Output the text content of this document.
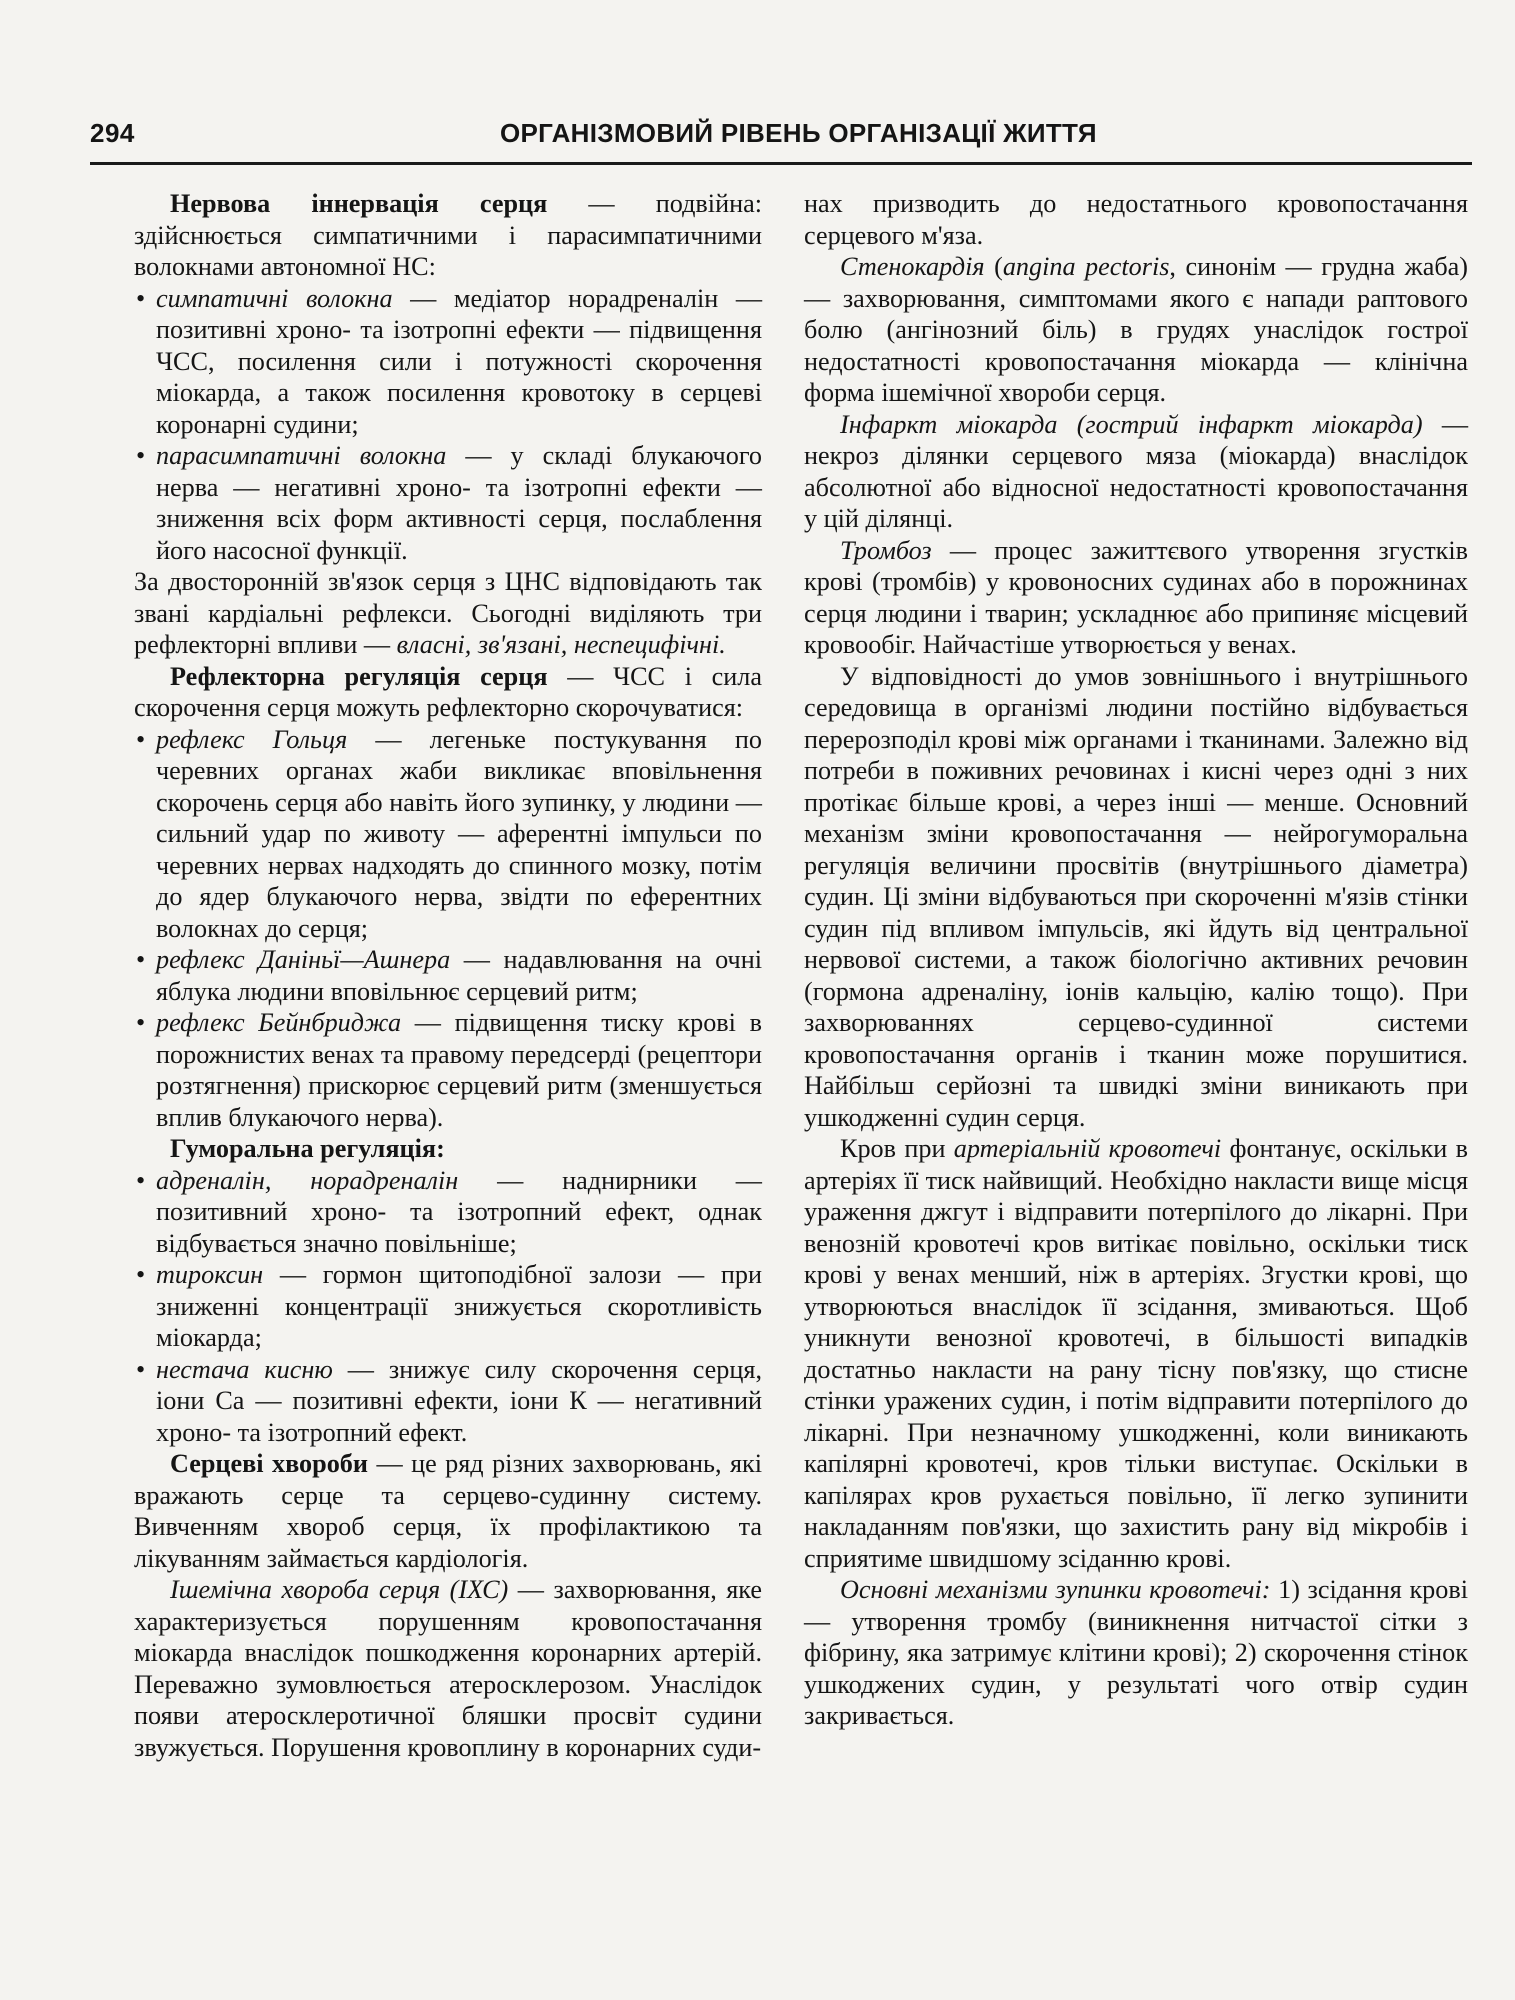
294	ОРГАНІЗМОВИЙ РІВЕНЬ ОРГАНІЗАЦІЇ ЖИТТЯ

Нервова іннервація серця — подвійна: здійснюється симпатичними і парасимпатичними волокнами автономної НС:

• симпатичні волокна — медіатор норадреналін — позитивні хроно- та ізотропні ефекти — підвищення ЧСС, посилення сили і потужності скорочення міокарда, а також посилення кровотоку в серцеві коронарні судини;
• парасимпатичні волокна — у складі блукаючого нерва — негативні хроно- та ізотропні ефекти — зниження всіх форм активності серця, послаблення його насосної функції.

За двосторонній зв'язок серця з ЦНС відповідають так звані кардіальні рефлекси. Сьогодні виділяють три рефлекторні впливи — власні, зв'язані, неспецифічні.

Рефлекторна регуляція серця — ЧСС і сила скорочення серця можуть рефлекторно скорочуватися:

• рефлекс Гольця — легеньке постукування по черевних органах жаби викликає вповільнення скорочень серця або навіть його зупинку, у людини — сильний удар по животу — аферентні імпульси по черевних нервах надходять до спинного мозку, потім до ядер блукаючого нерва, звідти по еферентних волокнах до серця;
• рефлекс Даніньї—Ашнера — надавлювання на очні яблука людини вповільнює серцевий ритм;
• рефлекс Бейнбриджа — підвищення тиску крові в порожнистих венах та правому передсерді (рецептори розтягнення) прискорює серцевий ритм (зменшується вплив блукаючого нерва).

Гуморальна регуляція:

• адреналін, норадреналін — наднирники — позитивний хроно- та ізотропний ефект, однак відбувається значно повільніше;
• тироксин — гормон щитоподібної залози — при зниженні концентрації знижується скоротливість міокарда;
• нестача кисню — знижує силу скорочення серця, іони Са — позитивні ефекти, іони К — негативний хроно- та ізотропний ефект.

Серцеві хвороби — це ряд різних захворювань, які вражають серце та серцево-судинну систему. Вивченням хвороб серця, їх профілактикою та лікуванням займається кардіологія.

Ішемічна хвороба серця (ІХС) — захворювання, яке характеризується порушенням кровопостачання міокарда внаслідок пошкодження коронарних артерій. Переважно зумовлюється атеросклерозом. Унаслідок появи атеросклеротичної бляшки просвіт судини звужується. Порушення кровоплину в коронарних суди-

нах призводить до недостатнього кровопостачання серцевого м'яза.

Стенокардія (angina pectoris, синонім — грудна жаба) — захворювання, симптомами якого є напади раптового болю (ангінозний біль) в грудях унаслідок гострої недостатності кровопостачання міокарда — клінічна форма ішемічної хвороби серця.

Інфаркт міокарда (гострий інфаркт міокарда) — некроз ділянки серцевого мяза (міокарда) внаслідок абсолютної або відносної недостатності кровопостачання у цій ділянці.

Тромбоз — процес зажиттєвого утворення згустків крові (тромбів) у кровоносних судинах або в порожнинах серця людини і тварин; ускладнює або припиняє місцевий кровообіг. Найчастіше утворюється у венах.

У відповідності до умов зовнішнього і внутрішнього середовища в організмі людини постійно відбувається перерозподіл крові між органами і тканинами. Залежно від потреби в поживних речовинах і кисні через одні з них протікає більше крові, а через інші — менше. Основний механізм зміни кровопостачання — нейрогуморальна регуляція величини просвітів (внутрішнього діаметра) судин. Ці зміни відбуваються при скороченні м'язів стінки судин під впливом імпульсів, які йдуть від центральної нервової системи, а також біологічно активних речовин (гормона адреналіну, іонів кальцію, калію тощо). При захворюваннях серцево-судинної системи кровопостачання органів і тканин може порушитися. Найбільш серйозні та швидкі зміни виникають при ушкодженні судин серця.

Кров при артеріальній кровотечі фонтанує, оскільки в артеріях її тиск найвищий. Необхідно накласти вище місця ураження джгут і відправити потерпілого до лікарні. При венозній кровотечі кров витікає повільно, оскільки тиск крові у венах менший, ніж в артеріях. Згустки крові, що утворюються внаслідок її зсідання, змиваються. Щоб уникнути венозної кровотечі, в більшості випадків достатньо накласти на рану тісну пов'язку, що стисне стінки уражених судин, і потім відправити потерпілого до лікарні. При незначному ушкодженні, коли виникають капілярні кровотечі, кров тільки виступає. Оскільки в капілярах кров рухається повільно, її легко зупинити накладанням пов'язки, що захистить рану від мікробів і сприятиме швидшому зсіданню крові.

Основні механізми зупинки кровотечі: 1) зсідання крові — утворення тромбу (виникнення нитчастої сітки з фібрину, яка затримує клітини крові); 2) скорочення стінок ушкоджених судин, у результаті чого отвір судин закривається.
